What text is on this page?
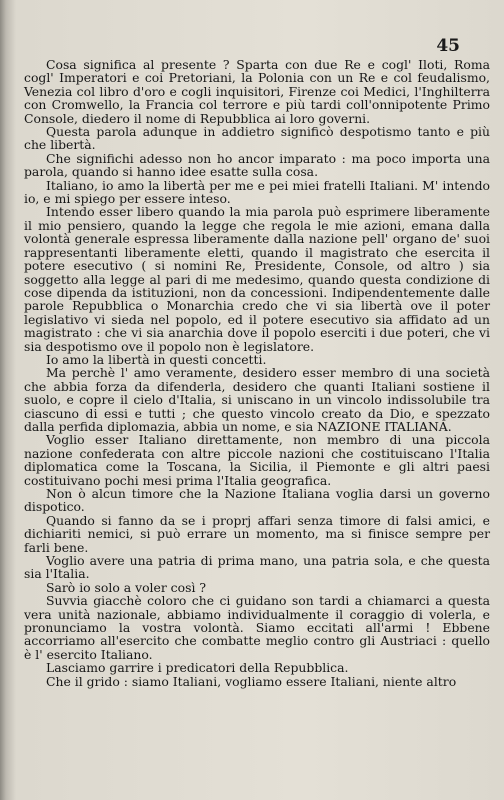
45

Cosa significa al presente ? Sparta con due Re e cogl' Iloti, Roma cogl' Imperatori e coi Pretoriani, la Polonia con un Re e col feudalismo, Venezia col libro d'oro e cogli inquisitori, Firenze coi Medici, l'Inghilterra con Cromwello, la Francia col terrore e più tardi coll'onnipotente Primo Console, diedero il nome di Repubblica ai loro governi.

Questa parola adunque in addietro significò despotismo tanto e più che libertà.

Che significhi adesso non ho ancor imparato : ma poco importa una parola, quando si hanno idee esatte sulla cosa.

Italiano, io amo la libertà per me e pei miei fratelli Italiani. M' intendo io, e mi spiego per essere inteso.

Intendo esser libero quando la mia parola può esprimere liberamente il mio pensiero, quando la legge che regola le mie azioni, emana dalla volontà generale espressa liberamente dalla nazione pell' organo de' suoi rappresentanti liberamente eletti, quando il magistrato che esercita il potere esecutivo ( si nomini Re, Presidente, Console, od altro ) sia soggetto alla legge al pari di me medesimo, quando questa condizione di cose dipenda da istituzioni, non da concessioni. Indipendentemente dalle parole Repubblica o Monarchia credo che vi sia libertà ove il poter legislativo vi sieda nel popolo, ed il potere esecutivo sia affidato ad un magistrato : che vi sia anarchia dove il popolo eserciti i due poteri, che vi sia despotismo ove il popolo non è legislatore.

Io amo la libertà in questi concetti.

Ma perchè l' amo veramente, desidero esser membro di una società che abbia forza da difenderla, desidero che quanti Italiani sostiene il suolo, e copre il cielo d'Italia, si uniscano in un vincolo indissolubile tra ciascuno di essi e tutti ; che questo vincolo creato da Dio, e spezzato dalla perfida diplomazia, abbia un nome, e sia NAZIONE ITALIANA.

Voglio esser Italiano direttamente, non membro di una piccola nazione confederata con altre piccole nazioni che costituiscano l'Italia diplomatica come la Toscana, la Sicilia, il Piemonte e gli altri paesi costituivano pochi mesi prima l'Italia geografica.

Non ò alcun timore che la Nazione Italiana voglia darsi un governo dispotico.

Quando si fanno da se i proprj affari senza timore di falsi amici, e dichiariti nemici, si può errare un momento, ma si finisce sempre per farli bene.

Voglio avere una patria di prima mano, una patria sola, e che questa sia l'Italia.

Sarò io solo a voler così ?

Suvvia giacchè coloro che ci guidano son tardi a chiamarci a questa vera unità nazionale, abbiamo individualmente il coraggio di volerla, e pronunciamo la vostra volontà. Siamo eccitati all'armi ! Ebbene accorriamo all'esercito che combatte meglio contro gli Austriaci : quello è l' esercito Italiano.

Lasciamo garrire i predicatori della Repubblica.

Che il grido : siamo Italiani, vogliamo essere Italiani, niente altro
